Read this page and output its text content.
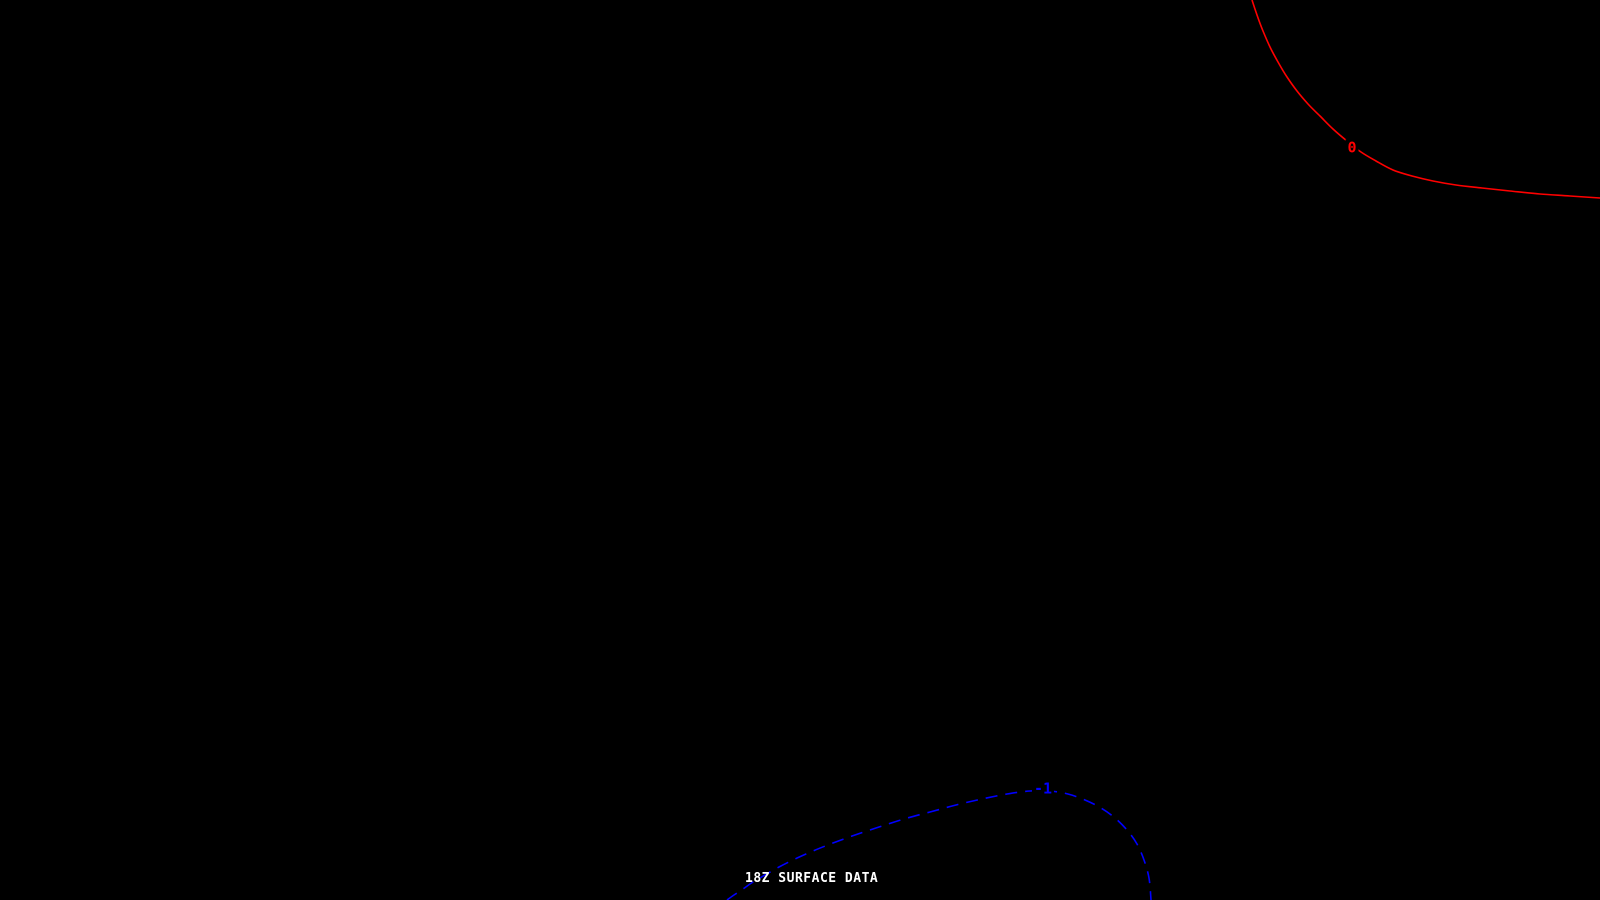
0
-1
18Z SURFACE DATA
